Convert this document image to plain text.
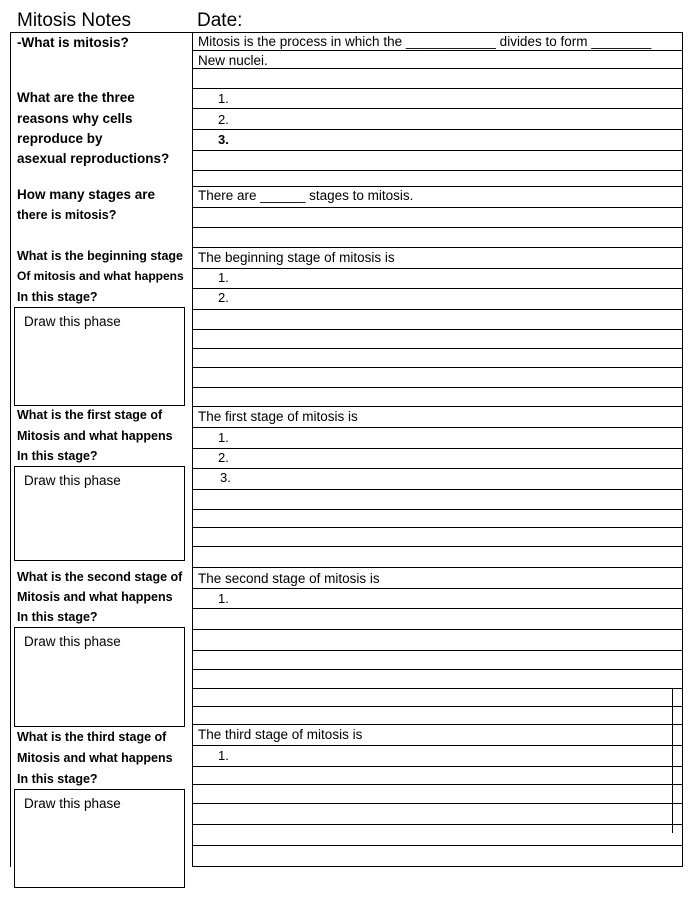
Mitosis Notes	Date:
-What is mitosis?	Mitosis is the process in which the ____________ divides to form ________
New nuclei.
What are the three
reasons why cells
reproduce by
asexual reproductions?
1.
2.
3.
How many stages are
there is mitosis?
There are ______ stages to mitosis.
What is the beginning stage
Of mitosis and what happens
In this stage?
The beginning stage of mitosis is
1.
2.
Draw this phase
What is the first stage of
Mitosis and what happens
In this stage?
The first stage of mitosis is
1.
2.
3.
Draw this phase
What is the second stage of
Mitosis and what happens
In this stage?
The second stage of mitosis is
1.
Draw this phase
What is the third stage of
Mitosis and what happens
In this stage?
The third stage of mitosis is
1.
Draw this phase
